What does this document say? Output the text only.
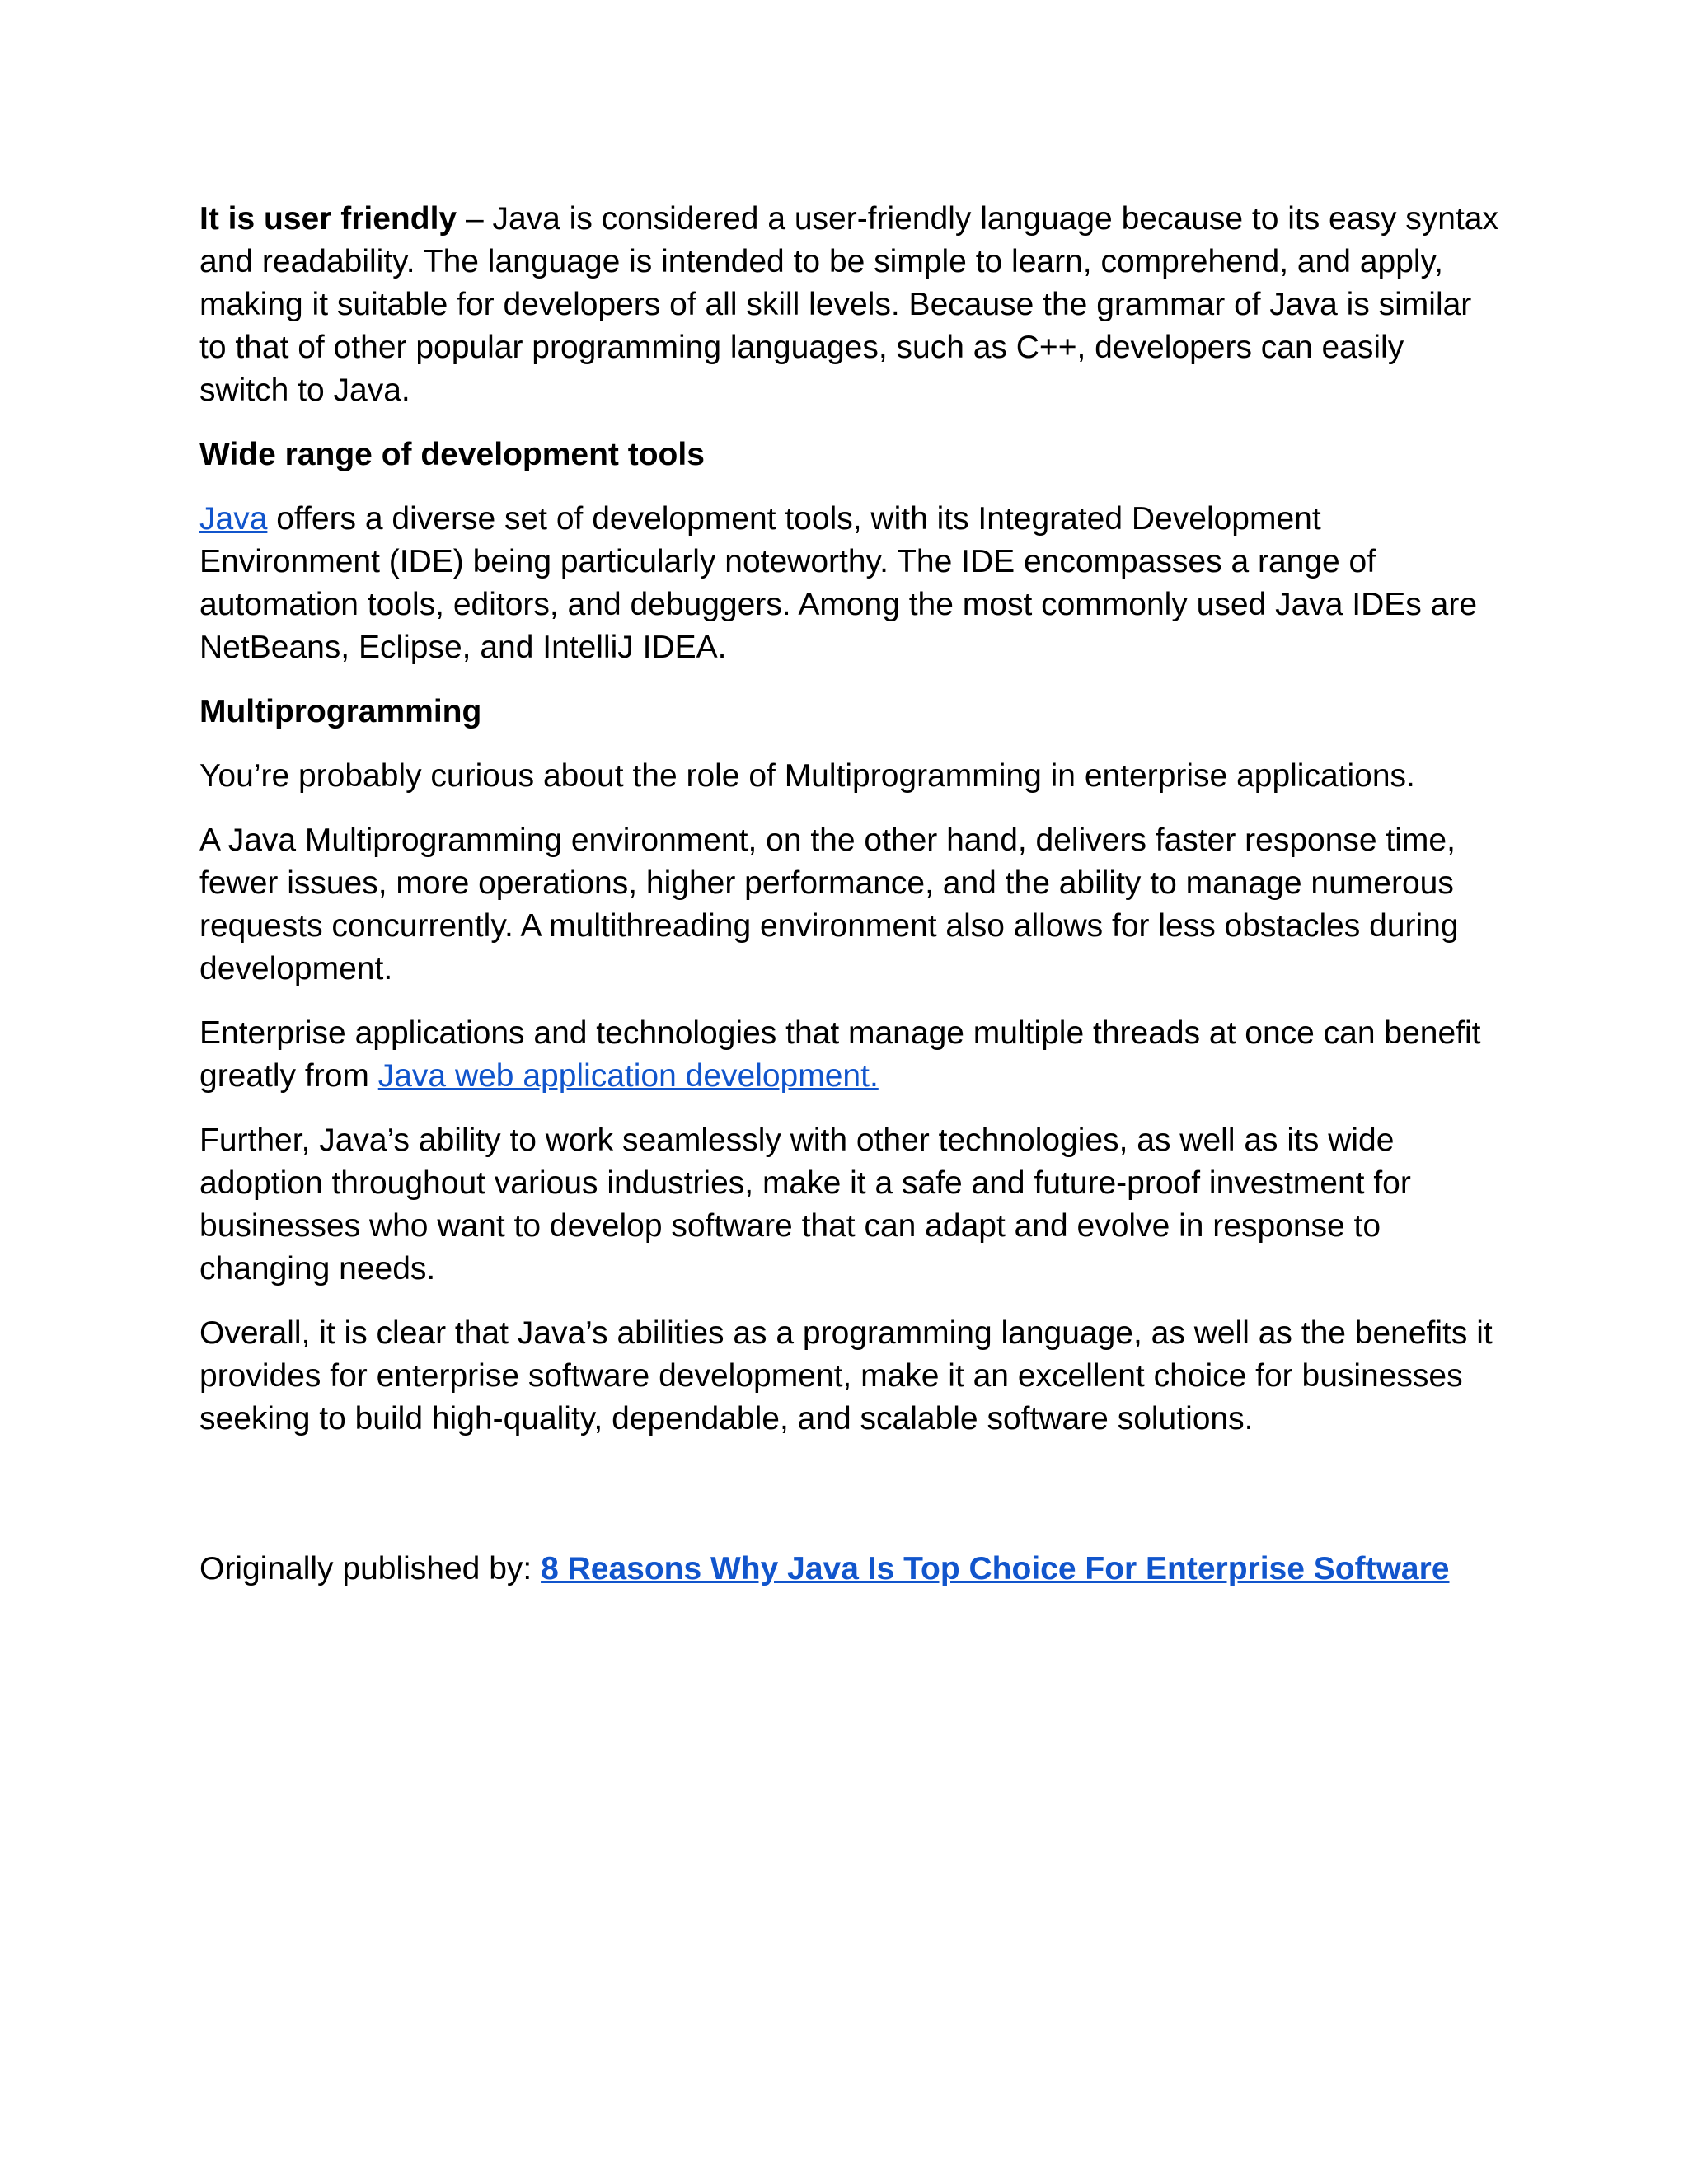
It is user friendly – Java is considered a user-friendly language because to its easy syntax and readability. The language is intended to be simple to learn, comprehend, and apply, making it suitable for developers of all skill levels. Because the grammar of Java is similar to that of other popular programming languages, such as C++, developers can easily switch to Java.

Wide range of development tools

Java offers a diverse set of development tools, with its Integrated Development Environment (IDE) being particularly noteworthy. The IDE encompasses a range of automation tools, editors, and debuggers. Among the most commonly used Java IDEs are NetBeans, Eclipse, and IntelliJ IDEA.

Multiprogramming

You’re probably curious about the role of Multiprogramming in enterprise applications.

A Java Multiprogramming environment, on the other hand, delivers faster response time, fewer issues, more operations, higher performance, and the ability to manage numerous requests concurrently. A multithreading environment also allows for less obstacles during development.

Enterprise applications and technologies that manage multiple threads at once can benefit greatly from Java web application development.

Further, Java’s ability to work seamlessly with other technologies, as well as its wide adoption throughout various industries, make it a safe and future-proof investment for businesses who want to develop software that can adapt and evolve in response to changing needs.

Overall, it is clear that Java’s abilities as a programming language, as well as the benefits it provides for enterprise software development, make it an excellent choice for businesses seeking to build high-quality, dependable, and scalable software solutions.

Originally published by: 8 Reasons Why Java Is Top Choice For Enterprise Software
